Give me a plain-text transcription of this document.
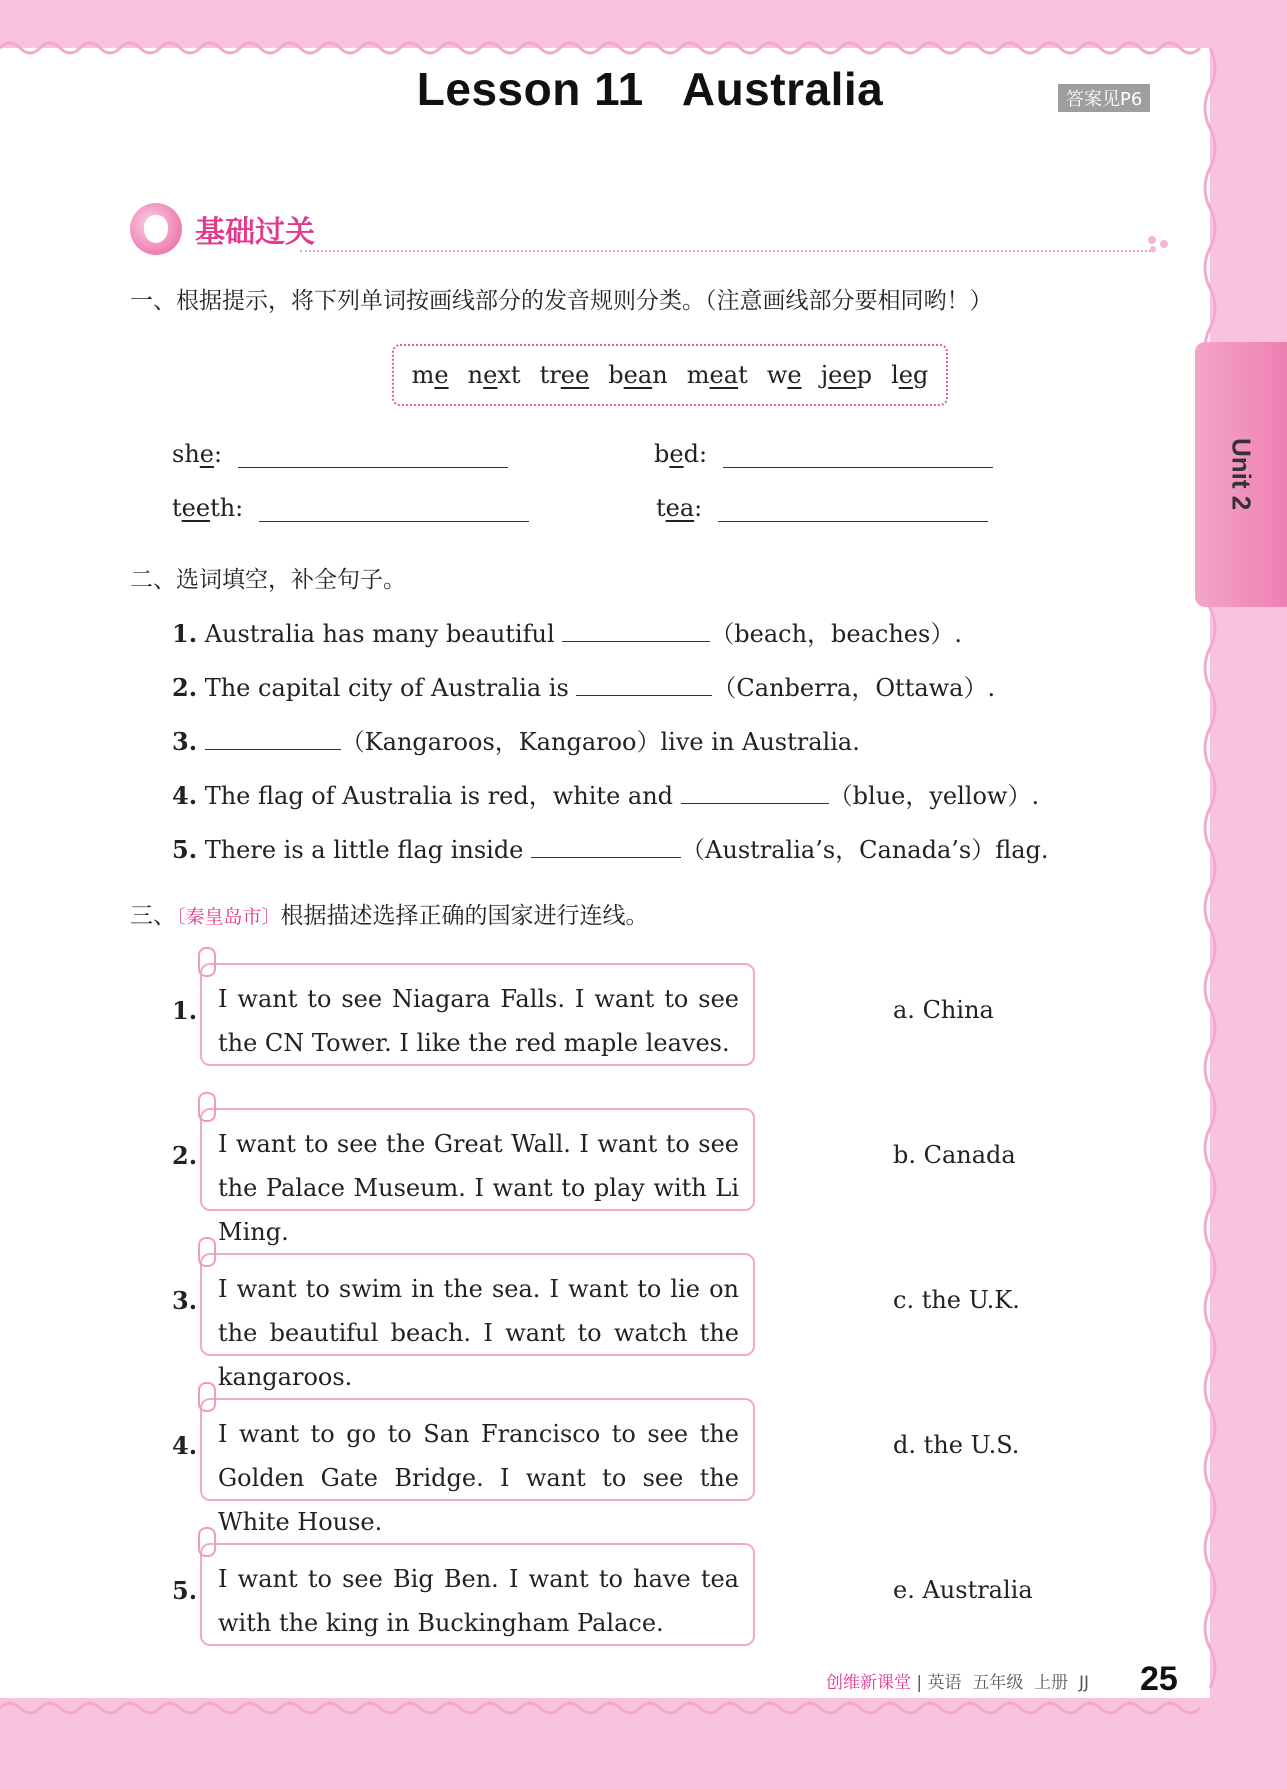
Lesson 11   Australia	答案见P6
Unit 2
基础过关
一、根据提示，将下列单词按画线部分的发音规则分类。（注意画线部分要相同哟！）
me next tree bean meat we jeep leg
she:	bed:
teeth:	tea:
二、选词填空，补全句子。
1. Australia has many beautiful	（beach，beaches）.
2. The capital city of Australia is	（Canberra，Ottawa）.
3.	（Kangaroos，Kangaroo）live in Australia.
4. The flag of Australia is red，white and	（blue，yellow）.
5. There is a little flag inside	（Australia’s，Canada’s）flag.
三、〔秦皇岛市〕根据描述选择正确的国家进行连线。
1. I want to see Niagara Falls. I want to see the CN Tower. I like the red maple leaves.
a. China
2. I want to see the Great Wall. I want to see the Palace Museum. I want to play with Li Ming.
b. Canada
3. I want to swim in the sea. I want to lie on the beautiful beach. I want to watch the kangaroos.
c. the U.K.
4. I want to go to San Francisco to see the Golden Gate Bridge. I want to see the White House.
d. the U.S.
5. I want to see Big Ben. I want to have tea with the king in Buckingham Palace.
e. Australia
创维新课堂 | 英语  五年级  上册  JJ 25
